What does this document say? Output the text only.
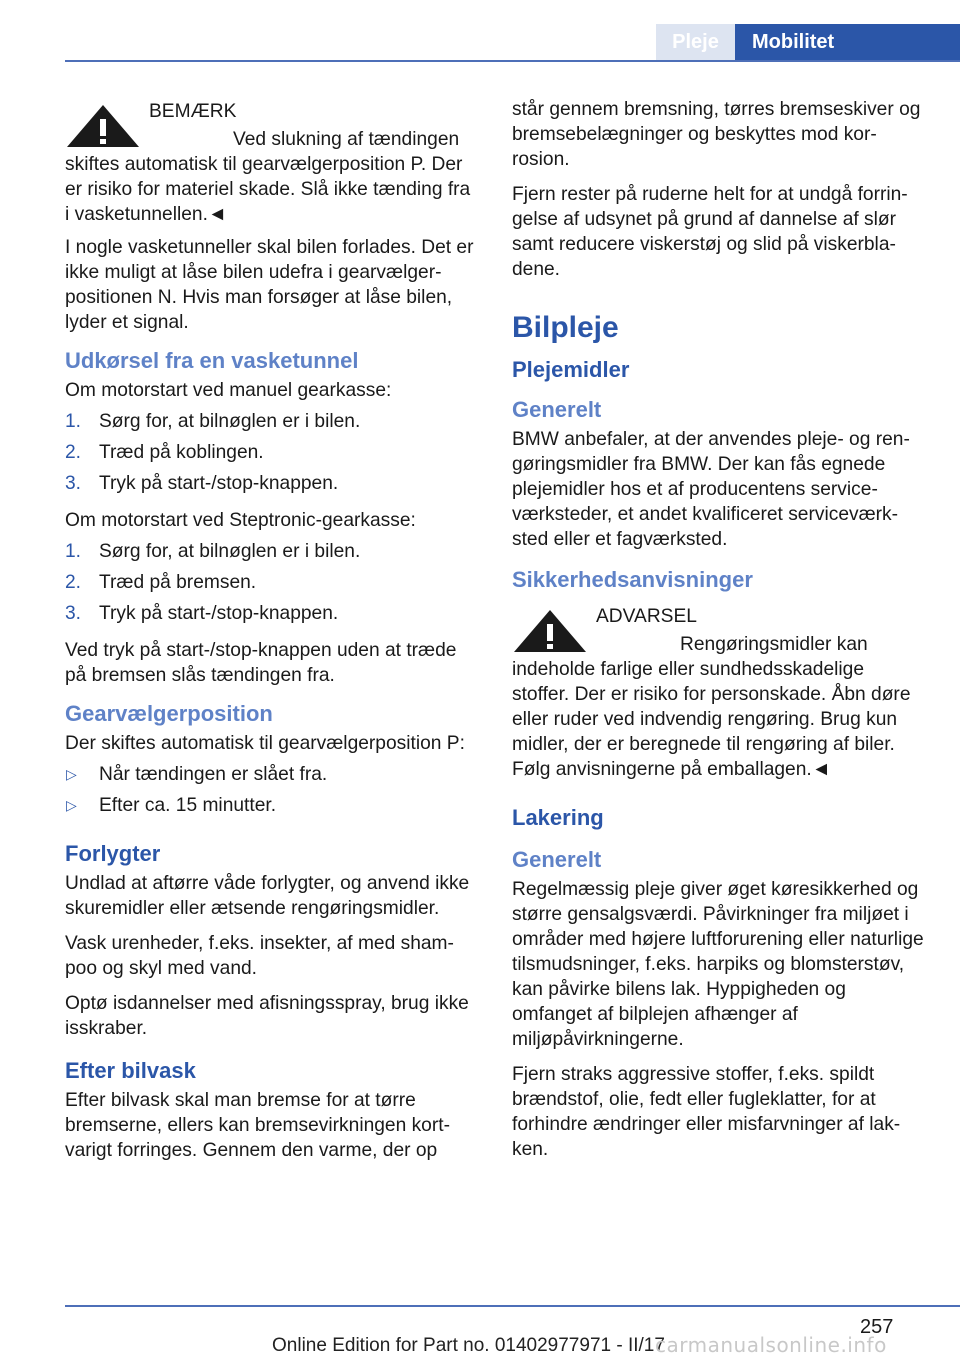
Pleje	Mobilitet
BEMÆRK
Ved slukning af tændingen skiftes automatisk til gearvælgerposition P. Der er risiko for materiel skade. Slå ikke tænding fra i vasketunnellen.◄

I nogle vasketunneller skal bilen forlades. Det er ikke muligt at låse bilen udefra i gearvælgerpositionen N. Hvis man forsøger at låse bilen, lyder et signal.

Udkørsel fra en vasketunnel

Om motorstart ved manuel gearkasse:

1. Sørg for, at bilnøglen er i bilen.
2. Træd på koblingen.
3. Tryk på start-/stop-knappen.

Om motorstart ved Steptronic-gearkasse:

1. Sørg for, at bilnøglen er i bilen.
2. Træd på bremsen.
3. Tryk på start-/stop-knappen.

Ved tryk på start-/stop-knappen uden at træde på bremsen slås tændingen fra.

Gearvælgerposition

Der skiftes automatisk til gearvælgerposition P:

▷ Når tændingen er slået fra.
▷ Efter ca. 15 minutter.
Forlygter

Undlad at aftørre våde forlygter, og anvend ikke skuremidler eller ætsende rengøringsmidler.

Vask urenheder, f.eks. insekter, af med shampoo og skyl med vand.

Optø isdannelser med afisningsspray, brug ikke isskraber.

Efter bilvask

Efter bilvask skal man bremse for at tørre bremserne, ellers kan bremsevirkningen kortvarigt forringes. Gennem den varme, der op

står gennem bremsning, tørres bremseskiver og bremsebelægninger og beskyttes mod korrosion.

Fjern rester på ruderne helt for at undgå forringelse af udsynet på grund af dannelse af slør samt reducere viskerstøj og slid på viskerbladene.

Bilpleje
Plejemidler
Generelt

BMW anbefaler, at der anvendes pleje- og rengøringsmidler fra BMW. Der kan fås egnede plejemidler hos et af producentens serviceværksteder, et andet kvalificeret serviceværksted eller et fagværksted.

Sikkerhedsanvisninger
ADVARSEL
Rengøringsmidler kan indeholde farlige eller sundhedsskadelige stoffer. Der er risiko for personskade. Åbn døre eller ruder ved indvendig rengøring. Brug kun midler, der er beregnede til rengøring af biler. Følg anvisningerne på emballagen.◄
Lakering
Generelt

Regelmæssig pleje giver øget køresikkerhed og større gensalgsværdi. Påvirkninger fra miljøet i områder med højere luftforurening eller naturlige tilsmudsninger, f.eks. harpiks og blomsterstøv, kan påvirke bilens lak. Hyppigheden og omfanget af bilplejen afhænger af miljøpåvirkningerne.

Fjern straks aggressive stoffer, f.eks. spildt brændstof, olie, fedt eller fugleklatter, for at forhindre ændringer eller misfarvninger af lakken.

257
Online Edition for Part no. 01402977971 - II/17
carmanualsonline.info
